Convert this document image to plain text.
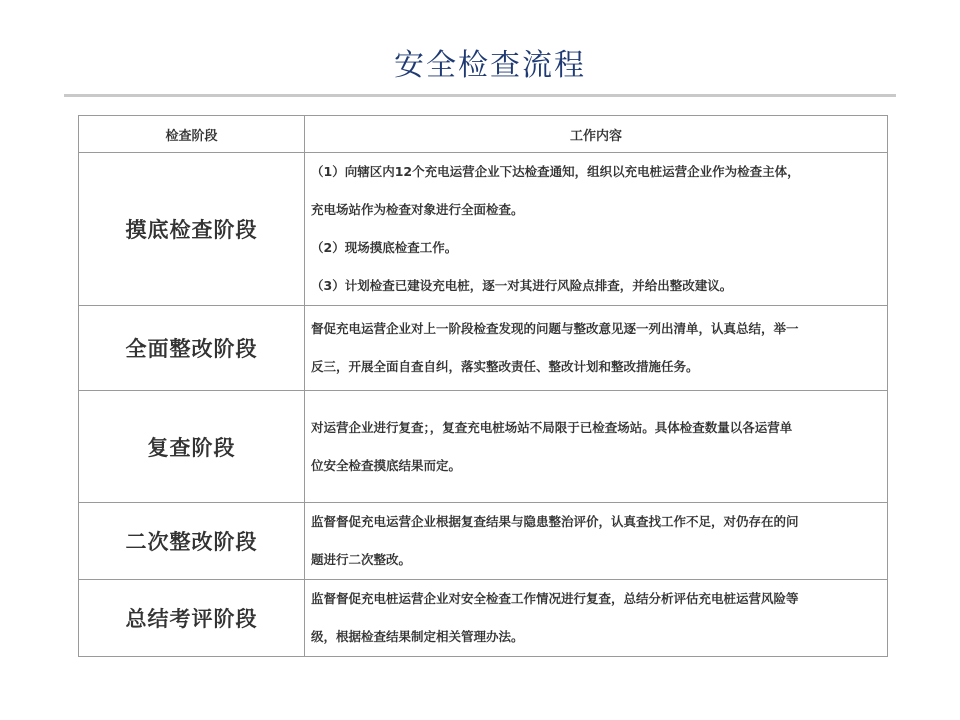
安全检查流程
检查阶段	工作内容
摸底检查阶段	（1）向辖区内12个充电运营企业下达检查通知，组织以充电桩运营企业作为检查主体，
充电场站作为检查对象进行全面检查。
（2）现场摸底检查工作。
（3）计划检查已建设充电桩，逐一对其进行风险点排查，并给出整改建议。

全面整改阶段	督促充电运营企业对上一阶段检查发现的问题与整改意见逐一列出清单，认真总结，举一
反三，开展全面自查自纠，落实整改责任、整改计划和整改措施任务。

复查阶段	对运营企业进行复查；，复查充电桩场站不局限于已检查场站。具体检查数量以各运营单
位安全检查摸底结果而定。

二次整改阶段	监督督促充电运营企业根据复查结果与隐患整治评价，认真查找工作不足，对仍存在的问
题进行二次整改。

总结考评阶段	监督督促充电桩运营企业对安全检查工作情况进行复查，总结分析评估充电桩运营风险等
级，根据检查结果制定相关管理办法。
